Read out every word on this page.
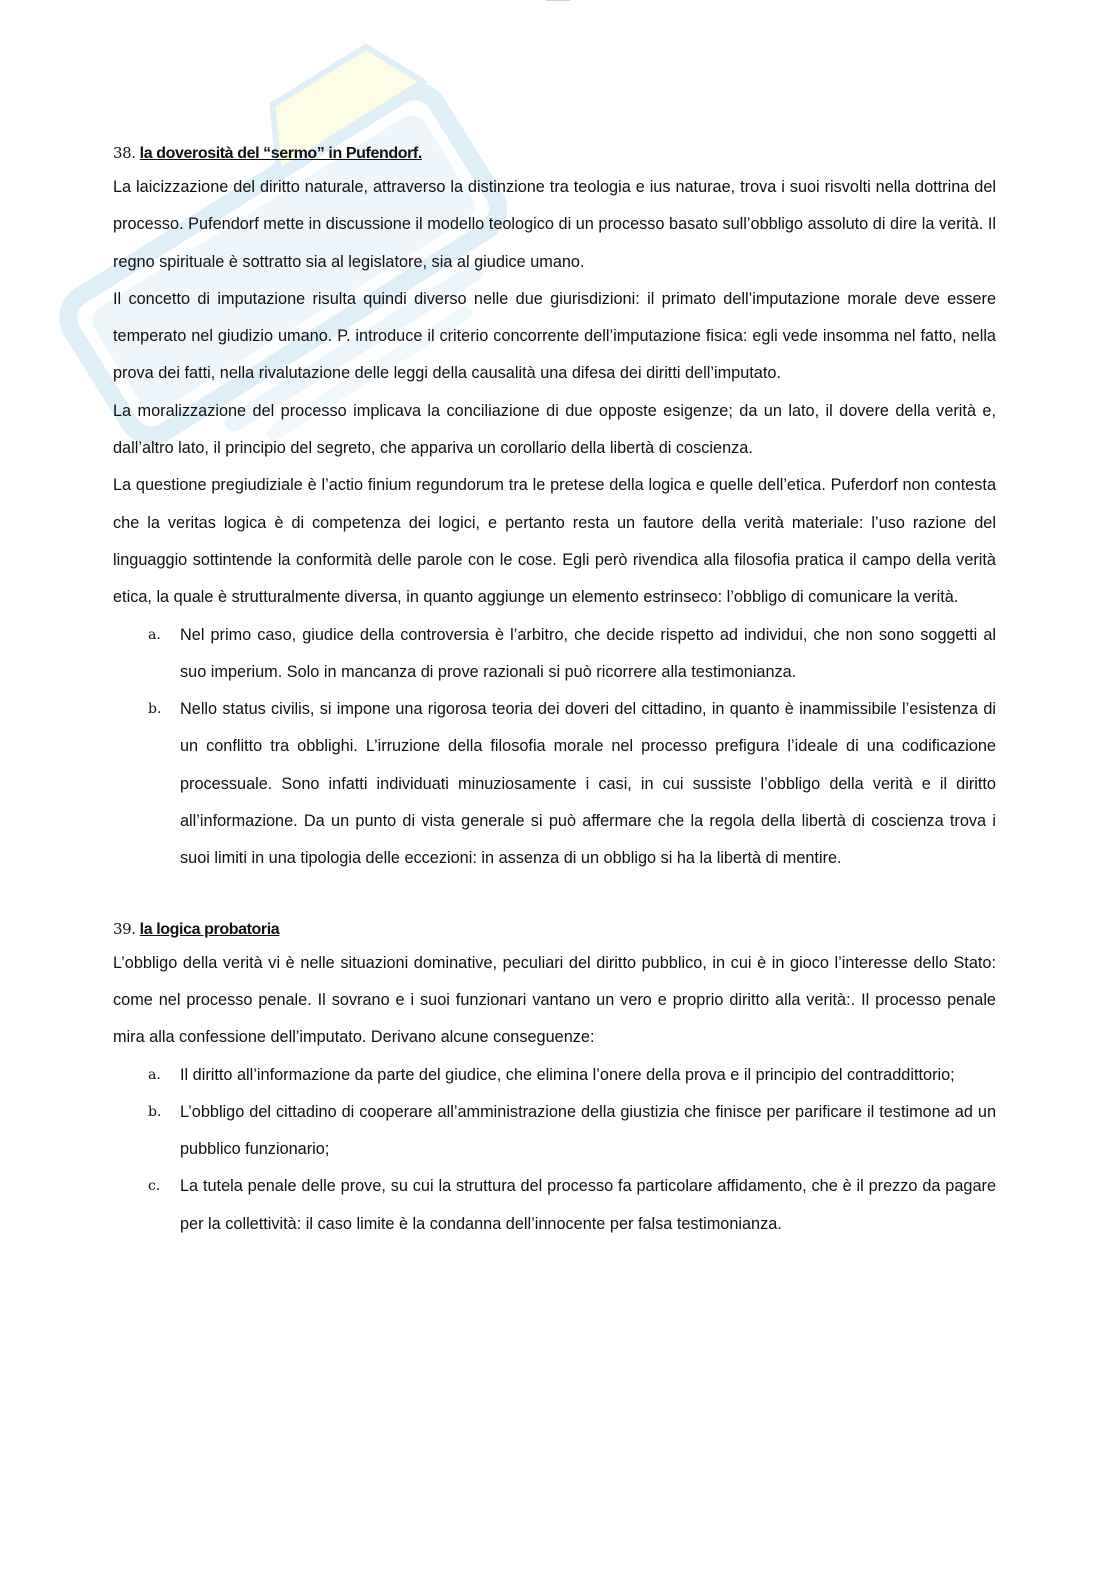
38. la doverosità del “sermo” in Pufendorf.

La laicizzazione del diritto naturale, attraverso la distinzione tra teologia e ius naturae, trova i suoi risvolti nella dottrina del processo. Pufendorf mette in discussione il modello teologico di un processo basato sull’obbligo assoluto di dire la verità. Il regno spirituale è sottratto sia al legislatore, sia al giudice umano.

Il concetto di imputazione risulta quindi diverso nelle due giurisdizioni: il primato dell’imputazione morale deve essere temperato nel giudizio umano. P. introduce il criterio concorrente dell’imputazione fisica: egli vede insomma nel fatto, nella prova dei fatti, nella rivalutazione delle leggi della causalità una difesa dei diritti dell’imputato.

La moralizzazione del processo implicava la conciliazione di due opposte esigenze; da un lato, il dovere della verità e, dall’altro lato, il principio del segreto, che appariva un corollario della libertà di coscienza.

La questione pregiudiziale è l’actio finium regundorum tra le pretese della logica e quelle dell’etica. Puferdorf non contesta che la veritas logica è di competenza dei logici, e pertanto resta un fautore della verità materiale: l’uso razione del linguaggio sottintende la conformità delle parole con le cose. Egli però rivendica alla filosofia pratica il campo della verità etica, la quale è strutturalmente diversa, in quanto aggiunge un elemento estrinseco: l’obbligo di comunicare la verità.

a. Nel primo caso, giudice della controversia è l’arbitro, che decide rispetto ad individui, che non sono soggetti al suo imperium. Solo in mancanza di prove razionali si può ricorrere alla testimonianza.
b. Nello status civilis, si impone una rigorosa teoria dei doveri del cittadino, in quanto è inammissibile l’esistenza di un conflitto tra obblighi. L’irruzione della filosofia morale nel processo prefigura l’ideale di una codificazione processuale. Sono infatti individuati minuziosamente i casi, in cui sussiste l’obbligo della verità e il diritto all’informazione. Da un punto di vista generale si può affermare che la regola della libertà di coscienza trova i suoi limiti in una tipologia delle eccezioni: in assenza di un obbligo si ha la libertà di mentire.
39. la logica probatoria

L’obbligo della verità vi è nelle situazioni dominative, peculiari del diritto pubblico, in cui è in gioco l’interesse dello Stato: come nel processo penale. Il sovrano e i suoi funzionari vantano un vero e proprio diritto alla verità:. Il processo penale mira alla confessione dell’imputato. Derivano alcune conseguenze:

a. Il diritto all’informazione da parte del giudice, che elimina l’onere della prova e il principio del contraddittorio;
b. L’obbligo del cittadino di cooperare all’amministrazione della giustizia che finisce per parificare il testimone ad un pubblico funzionario;
c. La tutela penale delle prove, su cui la struttura del processo fa particolare affidamento, che è il prezzo da pagare per la collettività: il caso limite è la condanna dell’innocente per falsa testimonianza.
